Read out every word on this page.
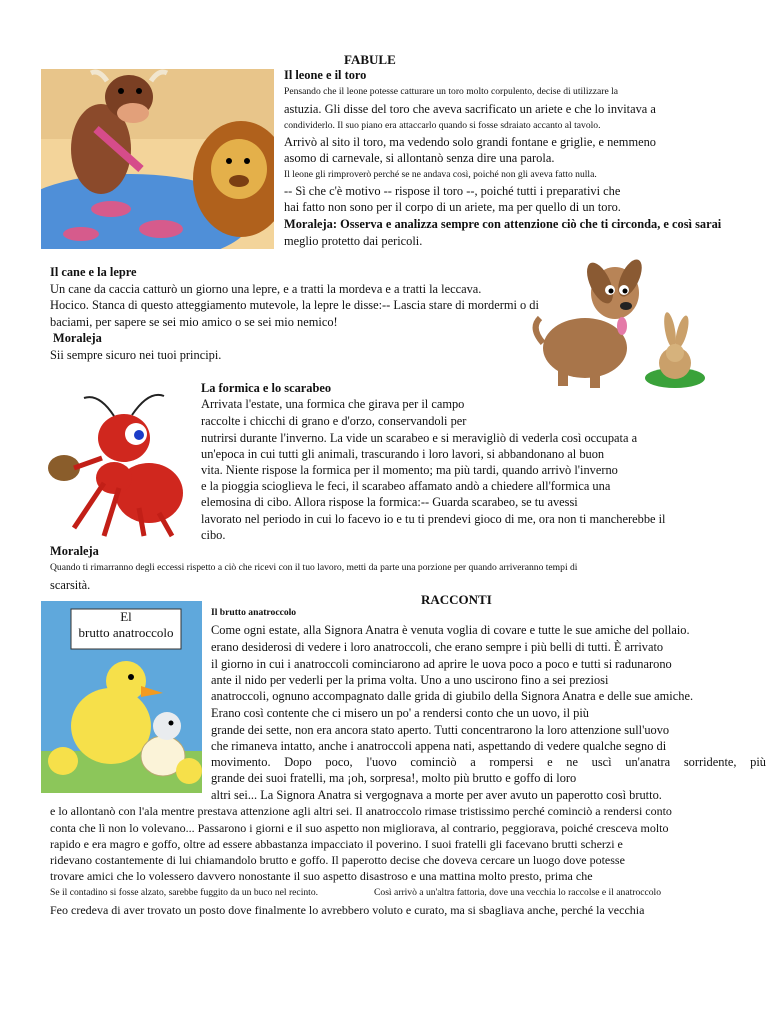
FABULE
Il leone e il toro
Pensando che il leone potesse catturare un toro molto corpulento, decise di utilizzare la
astuzia. Gli disse del toro che aveva sacrificato un ariete e che lo invitava a
condividerlo. Il suo piano era attaccarlo quando si fosse sdraiato accanto al tavolo.
Arrivò al sito il toro, ma vedendo solo grandi fontane e griglie, e nemmeno
asomo di carnevale, si allontanò senza dire una parola.
Il leone gli rimproverò perché se ne andava così, poiché non gli aveva fatto nulla.
-- Sì che c'è motivo -- rispose il toro --, poiché tutti i preparativi che
hai fatto non sono per il corpo di un ariete, ma per quello di un toro.
Moraleja: Osserva e analizza sempre con attenzione ciò che ti circonda, e così sarai
meglio protetto dai pericoli.
Il cane e la lepre
Un cane da caccia catturò un giorno una lepre, e a tratti la mordeva e a tratti la leccava.
Hocico. Stanca di questo atteggiamento mutevole, la lepre le disse:-- Lascia stare di mordermi o di
baciami, per sapere se sei mio amico o se sei mio nemico!
Moraleja
Sii sempre sicuro nei tuoi principi.
La formica e lo scarabeo
Arrivata l'estate, una formica che girava per il campo
raccolte i chicchi di grano e d'orzo, conservandoli per
nutrirsi durante l'inverno. La vide un scarabeo e si meravigliò di vederla così occupata a
un'epoca in cui tutti gli animali, trascurando i loro lavori, si abbandonano al buon
vita. Niente rispose la formica per il momento; ma più tardi, quando arrivò l'inverno
e la pioggia scioglieva le feci, il scarabeo affamato andò a chiedere all'formica una
elemosina di cibo. Allora rispose la formica:-- Guarda scarabeo, se tu avessi
lavorato nel periodo in cui lo facevo io e tu ti prendevi gioco di me, ora non ti mancherebbe il
cibo.
Moraleja
Quando ti rimarranno degli eccessi rispetto a ciò che ricevi con il tuo lavoro, metti da parte una porzione per quando arriveranno tempi di
scarsità.
RACCONTI
El
brutto anatroccolo
Il brutto anatroccolo
Come ogni estate, alla Signora Anatra è venuta voglia di covare e tutte le sue amiche del pollaio.
erano desiderosi di vedere i loro anatroccoli, che erano sempre i più belli di tutti. È arrivato
il giorno in cui i anatroccoli cominciarono ad aprire le uova poco a poco e tutti si radunarono
ante il nido per vederli per la prima volta. Uno a uno uscirono fino a sei preziosi
anatroccoli, ognuno accompagnato dalle grida di giubilo della Signora Anatra e delle sue amiche.
Erano così contente che ci misero un po' a rendersi conto che un uovo, il più
grande dei sette, non era ancora stato aperto. Tutti concentrarono la loro attenzione sull'uovo
che rimaneva intatto, anche i anatroccoli appena nati, aspettando di vedere qualche segno di
movimento. Dopo poco, l'uovo cominciò a rompersi e ne uscì un'anatra sorridente, più
grande dei suoi fratelli, ma ¡oh, sorpresa!, molto più brutto e goffo di loro
altri sei... La Signora Anatra si vergognava a morte per aver avuto un paperotto così brutto.
e lo allontanò con l'ala mentre prestava attenzione agli altri sei. Il anatroccolo rimase tristissimo perché cominciò a rendersi conto
conta che lì non lo volevano... Passarono i giorni e il suo aspetto non migliorava, al contrario, peggiorava, poiché cresceva molto
rapido e era magro e goffo, oltre ad essere abbastanza impacciato il poverino. I suoi fratelli gli facevano brutti scherzi e
ridevano costantemente di lui chiamandolo brutto e goffo. Il paperotto decise che doveva cercare un luogo dove potesse
trovare amici che lo volessero davvero nonostante il suo aspetto disastroso e una mattina molto presto, prima che
Se il contadino si fosse alzato, sarebbe fuggito da un buco nel recinto.	Così arrivò a un'altra fattoria, dove una vecchia lo raccolse e il anatroccolo
Feo credeva di aver trovato un posto dove finalmente lo avrebbero voluto e curato, ma si sbagliava anche, perché la vecchia
